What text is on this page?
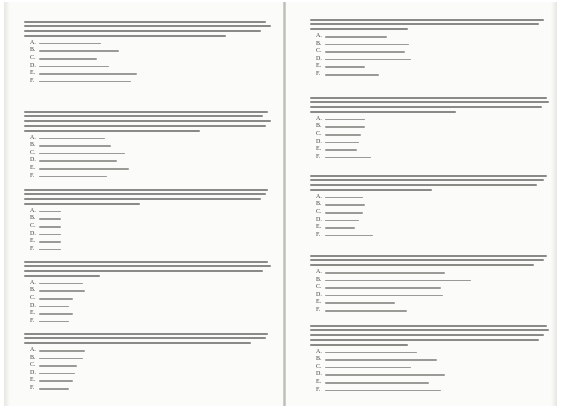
A.
B.
C.
D.
E.
F.
A.
B.
C.
D.
E.
F.
A.
B.
C.
D.
E.
F.
A.
B.
C.
D.
E.
F.
A.
B.
C.
D.
E.
F.
A.
B.
C.
D.
E.
F.
A.
B.
C.
D.
E.
F.
A.
B.
C.
D.
E.
F.
A.
B.
C.
D.
E.
F.
A.
B.
C.
D.
E.
F.
